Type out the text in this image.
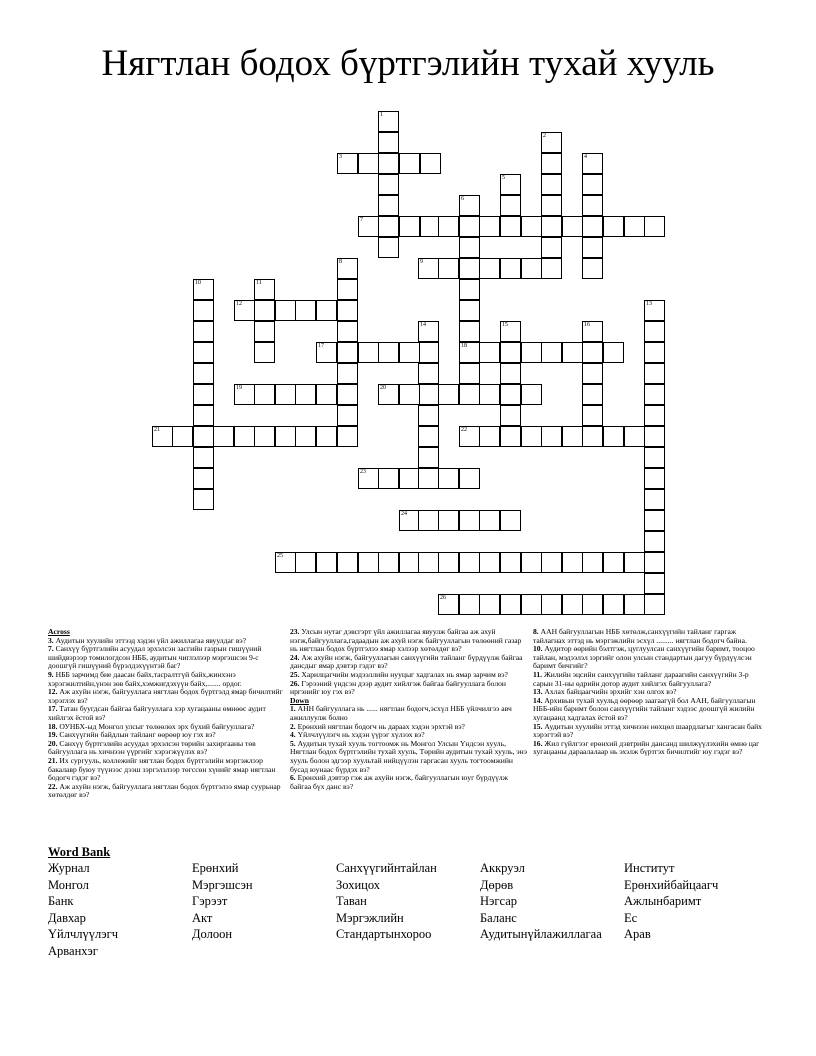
Нягтлан бодох бүртгэлийн тухай хууль
1
3
2
4
5
6
7
8	9
10	11
12	13
14	15	16
17	18
19	20
21	22
23
24
25
26
Across
3. Аудитын хуулийн эттээд хэдэн үйл ажиллагаа явуулдаг вэ?
7. Санхүү бүртгэлийн асуудал эрхэлсэн засгийн газрын гишүүний шийдвэрээр томилогдсон НББ, аудитын чиглэлээр мэргэшсэн 9-с доошгүй гишүүний бүрэлдэхүүнтэй баг?
9. НББ зарчимд бие даасан байх,тасралтгүй байх,жинхэнэ хэрэгжилтийн,үнэн зөв байх,хэмжигдэхүүн байх,....... ордог.
12. Аж ахуйн нэгж, байгууллага нягтлан бодох бүртгэлд ямар бичилтийг хэрэглэх вэ?
17. Татан буугдсан байгаа байгууллага хэр хугацааны өмнөөс аудит хийлгэх ёстой вэ?
18. ОУНБХ-ыд Монгол улсыг төлөөлөх эрх бүхий байгууллага?
19. Санхүүгийн байдлын тайланг өөрөөр юу гэх вэ?
20. Санхүү бүртгэлийн асуудал эрхэлсэн төрийн захиргааны төв байгууллага нь хичнээн үүргийг хэрэгжүүлэх вэ?
21. Их сургууль, коллежийг нягтлан бодох бүртгэлийн мэргэжлээр бакалавр буюу түүнээс дээш зэргэлзлээр төгссөн хүнийг ямар нягтлан бодогч гэдэг вэ?
22. Аж ахуйн нэгж, байгууллага нягтлан бодох бүртгэлээ ямар суурьнар хөтөлдөг вэ?
23. Улсын нутаг дэвсгэрт үйл ажиллагаа явуулж байгаа аж ахуй нэгж,байгууллага,гадаадын аж ахуй нэгж байгууллагын төлөөний газар нь нягтлан бодох бүртгэлээ ямар хэлээр хөтөлдөг вэ?
24. Аж ахуйн нэгж, байгууллагын санхүүгийн тайланг бүрдүүлж байгаа дансдыг ямар дэвтэр гэдэг вэ?
25. Харилцагчийн мэдээллийн нууцыг хадгалах нь ямар зарчим вэ?
26. Гэрээний үндсэн дээр аудит хийлгэж байгаа байгууллага болон иргэнийг юу гэх вэ?
Down
1. АНН байгууллага нь ...... нягтлан бодогч,эсхүл НББ үйлчилгээ авч ажиллуулж болно
2. Ерөнхий нягтлан бодогч нь дараах хэдэн эрхтэй вэ?
4. Үйлчлүүлэгч нь хэдэн үүрэг хүлээх вэ?
5. Аудитын тухай хууль тогтоомж нь Монгол Улсын Үндсэн хууль, Нягтлан бодох бүртгэлийн тухай хууль, Төрийн аудитын тухай хууль, энэ хууль болон эдгээр хуультай нийцүүлэн гаргасан хууль тогтоомжийн бусад юунаас бүрдэх вэ?
6. Ерөнхий дэвтэр гэж аж ахуйн нэгж, байгууллагын юуг бүрдүүлж байгаа бүх данс вэ?
8. ААН байгууллагын НББ хөтөлж,санхүүгийн тайланг гаргаж тайлагнах эттэд нь мэргэжлийн эсхүл ......... нягтлан бодогч байна.
10. Аудитор өөрийн бэлтгэж, цуглуулсан санхүүгийн баримт, тооцоо тайлан, мэдээлэл зэргийг олон улсын стандартын дагуу бүрдүүлсэн баримт бичгийг?
11. Жилийн эцсийн санхүүгийн тайланг дараагийн санхүүгийн 3-р сарын 31-ны өдрийн дотор аудит хийлгэх байгууллага?
13. Ахлах байцаагчийн эрхийг хэн олгох вэ?
14. Архивын тухай хуульд өөрөөр заагаагүй бол ААН, байгууллагын НББ-ийн баримт болон санхүүгийн тайланг хэдээс доошгүй жилийн хугацаанд хадгалах ёстой вэ?
15. Аудитын хуулийн эттэд хичнээн нөхцөл шаардлагыг хангасан байх хэрэгтэй вэ?
16. Жил гүйлгээг ерөнхий дэвтрийн дансанд шилжүүлэхийн өмнө цаг хугацааны дараалалаар нь эхэлж бүртгэх бичилтийг юу гэдэг вэ?
Word Bank
Журнал	Ерөнхий	Санхүүгийнтайлан	Аккруэл	Институт
Монгол	Мэргэшсэн	Зохицох	Дөрөв	Ерөнхийбайцаагч
Банк	Гэрээт	Таван	Нэгсар	Ажлынбаримт
Давхар	Акт	Мэргэжлийн	Баланс	Ес
Үйлчлүүлэгч	Долоон	Стандартынхороо	Аудитынүйлажиллагаа Арав
Арванхэг
